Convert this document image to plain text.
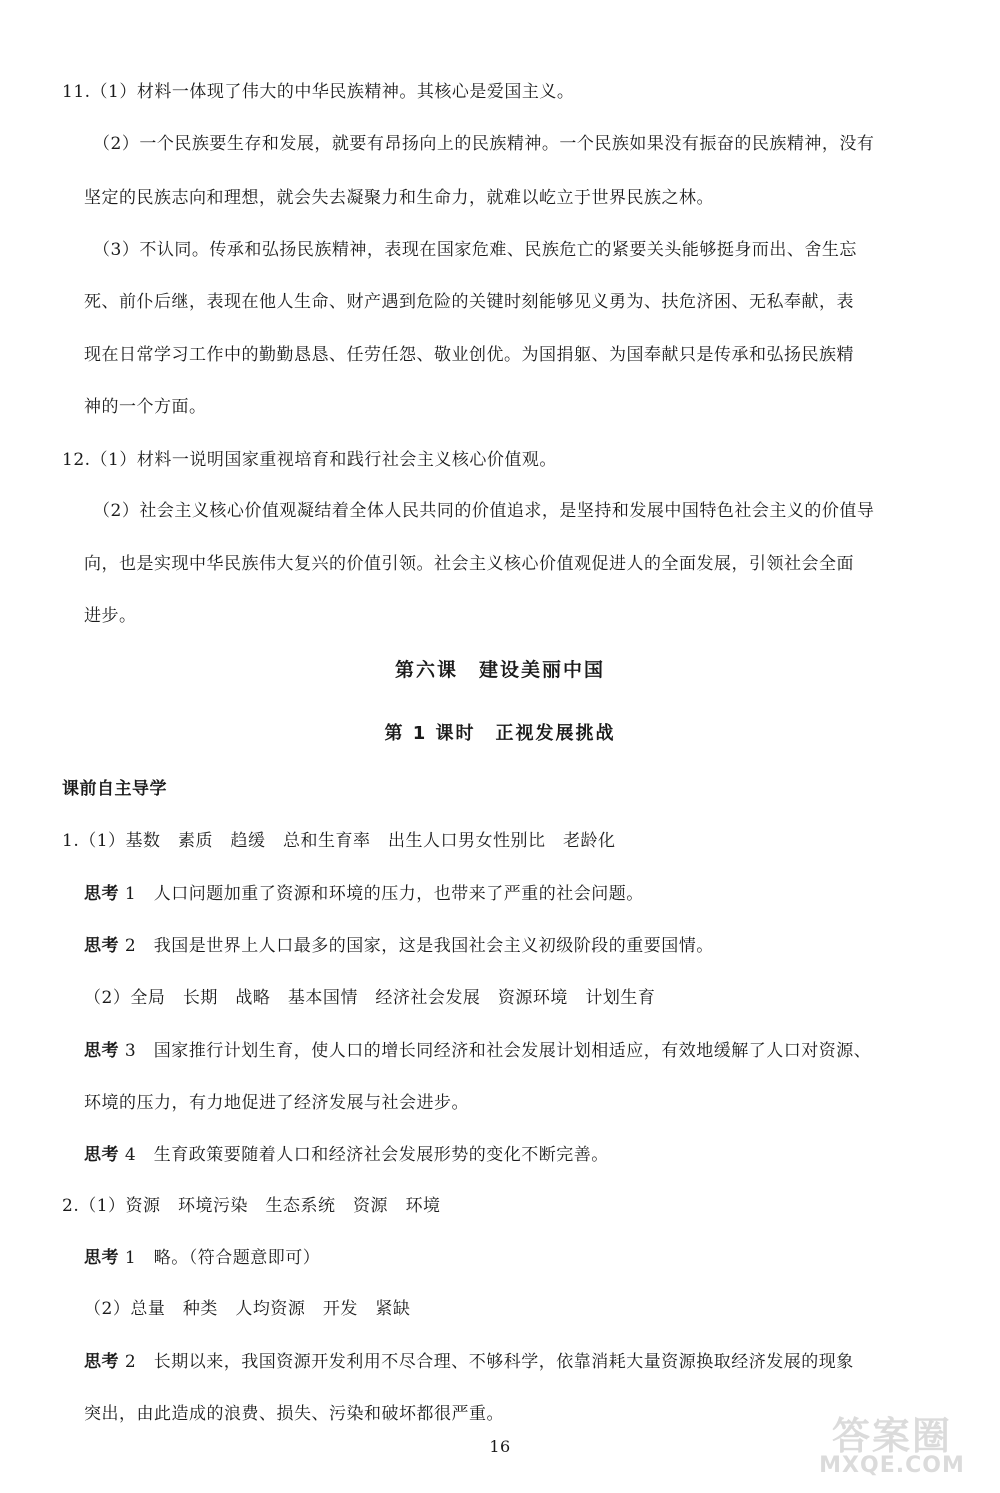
11.（1）材料一体现了伟大的中华民族精神。其核心是爱国主义。
（2）一个民族要生存和发展，就要有昂扬向上的民族精神。一个民族如果没有振奋的民族精神，没有
坚定的民族志向和理想，就会失去凝聚力和生命力，就难以屹立于世界民族之林。
（3）不认同。传承和弘扬民族精神，表现在国家危难、民族危亡的紧要关头能够挺身而出、舍生忘
死、前仆后继，表现在他人生命、财产遇到危险的关键时刻能够见义勇为、扶危济困、无私奉献，表
现在日常学习工作中的勤勤恳恳、任劳任怨、敬业创优。为国捐躯、为国奉献只是传承和弘扬民族精
神的一个方面。
12.（1）材料一说明国家重视培育和践行社会主义核心价值观。
（2）社会主义核心价值观凝结着全体人民共同的价值追求，是坚持和发展中国特色社会主义的价值导
向，也是实现中华民族伟大复兴的价值引领。社会主义核心价值观促进人的全面发展，引领社会全面
进步。
第六课　建设美丽中国
第 1 课时　正视发展挑战
课前自主导学
1.（1）基数　素质　趋缓　总和生育率　出生人口男女性别比　老龄化
思考 1　人口问题加重了资源和环境的压力，也带来了严重的社会问题。
思考 2　我国是世界上人口最多的国家，这是我国社会主义初级阶段的重要国情。
（2）全局　长期　战略　基本国情　经济社会发展　资源环境　计划生育
思考 3　国家推行计划生育，使人口的增长同经济和社会发展计划相适应，有效地缓解了人口对资源、
环境的压力，有力地促进了经济发展与社会进步。
思考 4　生育政策要随着人口和经济社会发展形势的变化不断完善。
2.（1）资源　环境污染　生态系统　资源　环境
思考 1　略。（符合题意即可）
（2）总量　种类　人均资源　开发　紧缺
思考 2　长期以来，我国资源开发利用不尽合理、不够科学，依靠消耗大量资源换取经济发展的现象
突出，由此造成的浪费、损失、污染和破坏都很严重。
16	答案圈
MXQE.COM
